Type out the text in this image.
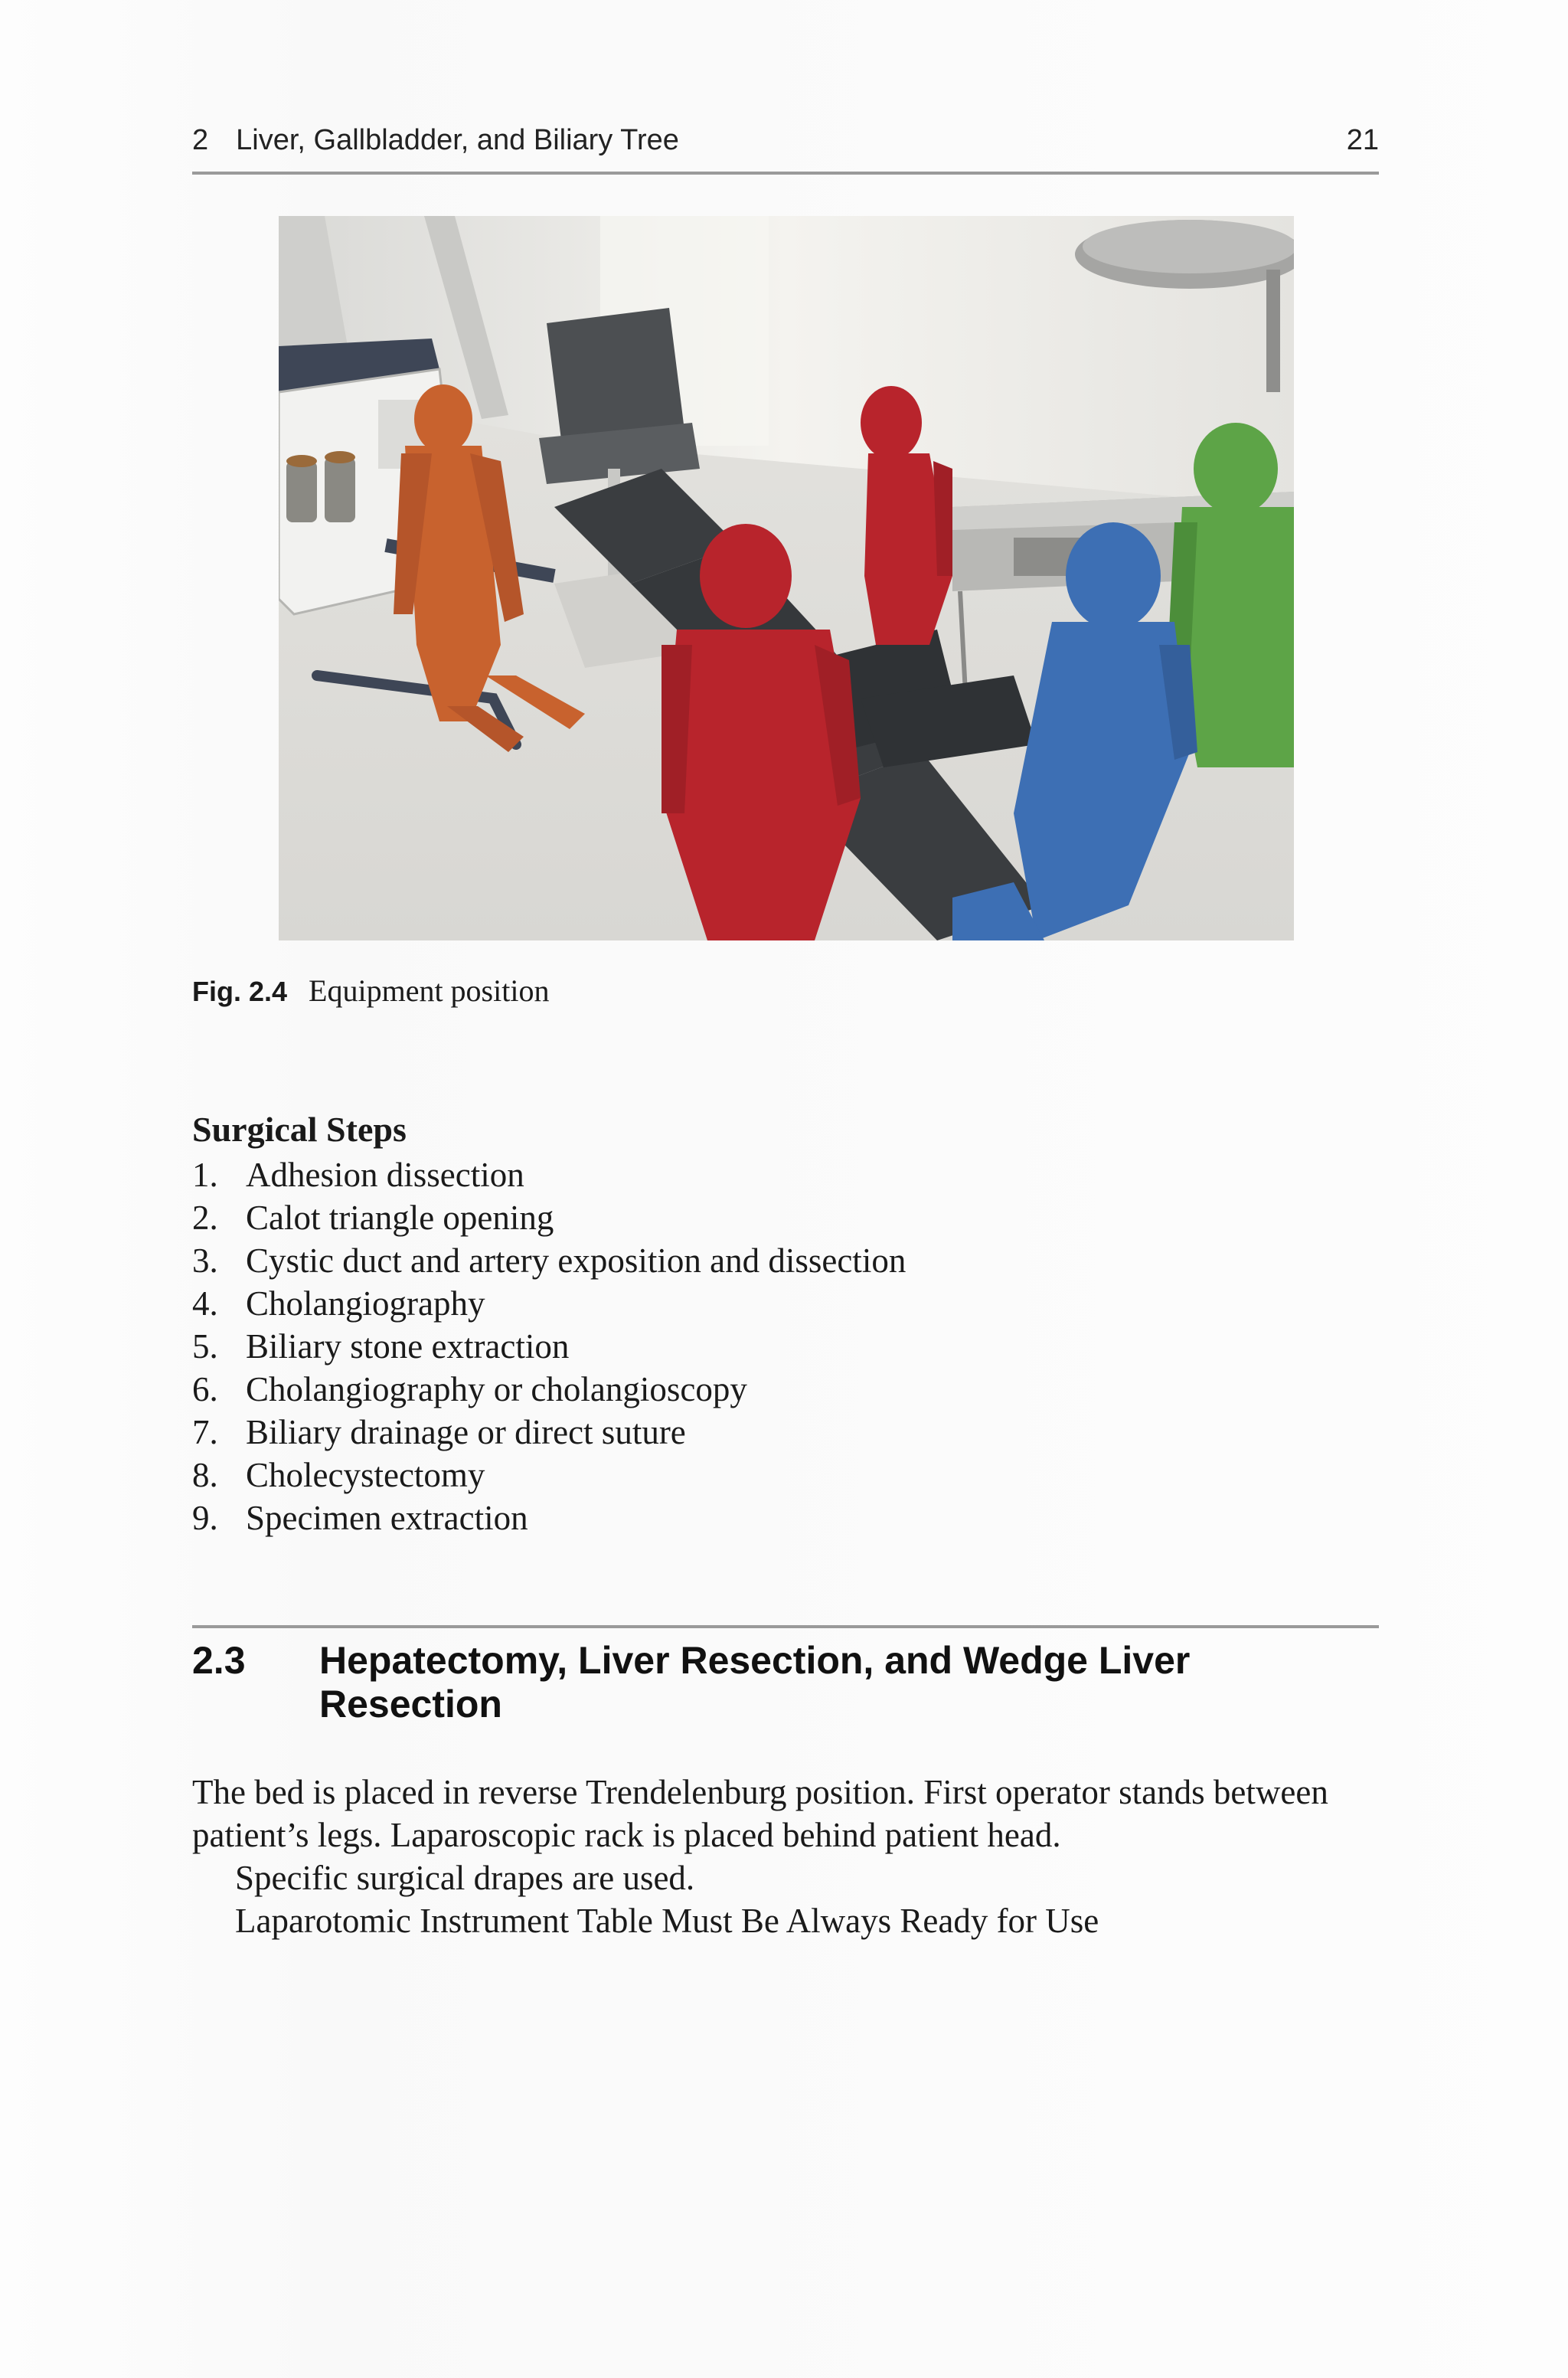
2 Liver, Gallbladder, and Biliary Tree	21
Fig. 2.4 Equipment position
Surgical Steps
1. Adhesion dissection
2. Calot triangle opening
3. Cystic duct and artery exposition and dissection
4. Cholangiography
5. Biliary stone extraction
6. Cholangiography or cholangioscopy
7. Biliary drainage or direct suture
8. Cholecystectomy
9. Specimen extraction
2.3 Hepatectomy, Liver Resection, and Wedge Liver Resection

The bed is placed in reverse Trendelenburg position. First operator stands between patient’s legs. Laparoscopic rack is placed behind patient head.

Specific surgical drapes are used.

Laparotomic Instrument Table Must Be Always Ready for Use
